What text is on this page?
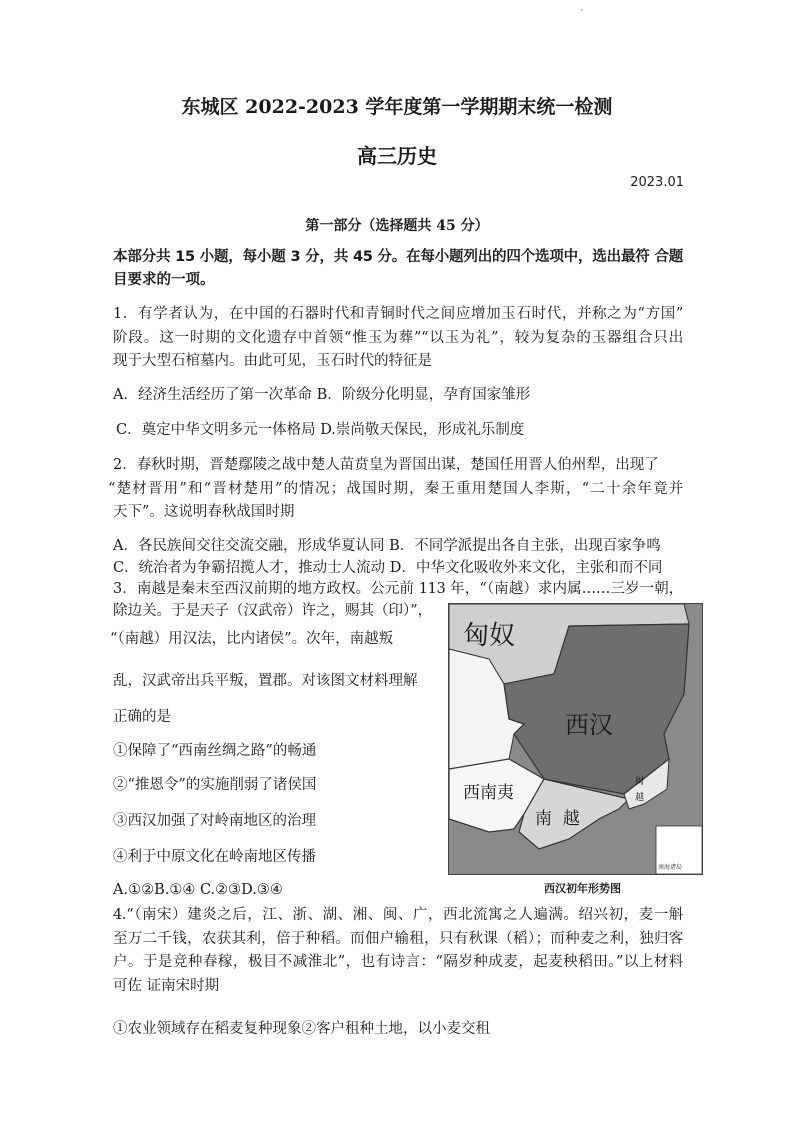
·
东城区 2022-2023 学年度第一学期期末统一检测
高三历史
2023.01
第一部分（选择题共 45 分）
本部分共 15 小题，每小题 3 分，共 45 分。在每小题列出的四个选项中，选出最符 合题
目要求的一项。
1．有学者认为，在中国的石器时代和青铜时代之间应增加玉石时代，并称之为“方国”
阶段。这一时期的文化遗存中首领“惟玉为葬”“以玉为礼”，较为复杂的玉器组合只出
现于大型石棺墓内。由此可见，玉石时代的特征是
A．经济生活经历了第一次革命 B．阶级分化明显，孕育国家雏形
C．奠定中华文明多元一体格局 D.崇尚敬天保民，形成礼乐制度
2．春秋时期，晋楚鄢陵之战中楚人苗贲皇为晋国出谋，楚国任用晋人伯州犁，出现了
“楚材晋用”和“晋材楚用”的情况；战国时期，秦王重用楚国人李斯，“二十余年竟并
天下”。这说明春秋战国时期
A．各民族间交往交流交融，形成华夏认同 B．不同学派提出各自主张，出现百家争鸣
C．统治者为争霸招揽人才，推动士人流动 D．中华文化吸收外来文化，主张和而不同
3．南越是秦末至西汉前期的地方政权。公元前 113 年，“（南越）求内属……三岁一朝，
除边关。于是天子（汉武帝）许之，赐其（印）”，
“（南越）用汉法，比内诸侯”。次年，南越叛
乱，汉武帝出兵平叛，置郡。对该图文材料理解
正确的是
①保障了“西南丝绸之路”的畅通
②“推恩令”的实施削弱了诸侯国
③西汉加强了对岭南地区的治理
④利于中原文化在岭南地区传播
A.①②B.①④ C.②③D.③④
匈奴
西汉
西南夷
南  越
闽
越
南海诸岛
西汉初年形势图
4.“（南宋）建炎之后，江、浙、湖、湘、闽、广，西北流寓之人遍满。绍兴初，麦一斛
至万二千钱，农获其利，倍于种稻。而佃户输租，只有秋课（稻）；而种麦之利，独归客
户。于是竞种春稼，极目不减淮北”，也有诗言：“隔岁种成麦，起麦秧稻田。”以上材料
可佐 证南宋时期
①农业领域存在稻麦复种现象②客户租种土地，以小麦交租
